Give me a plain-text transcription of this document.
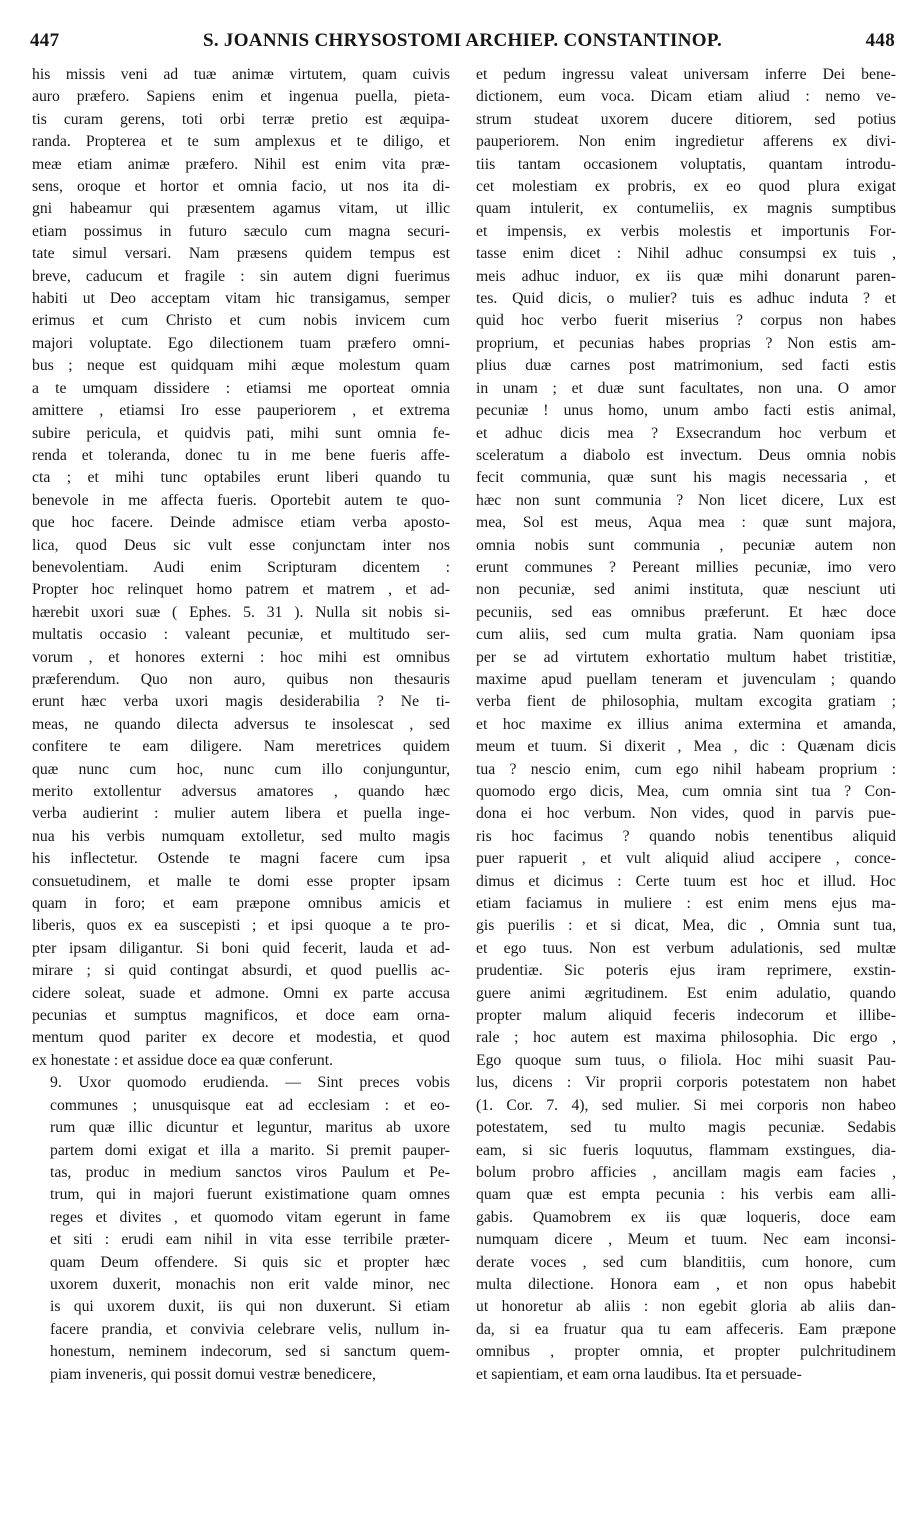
447	S. JOANNIS CHRYSOSTOMI ARCHIEP. CONSTANTINOP.	448

his missis veni ad tuæ animæ virtutem, quam cuivis
auro præfero. Sapiens enim et ingenua puella, pieta-
tis curam gerens, toti orbi terræ pretio est æquipa-
randa. Propterea et te sum amplexus et te diligo, et
meæ etiam animæ præfero. Nihil est enim vita præ-
sens, oroque et hortor et omnia facio, ut nos ita di-
gni habeamur qui præsentem agamus vitam, ut illic
etiam possimus in futuro sæculo cum magna securi-
tate simul versari. Nam præsens quidem tempus est
breve, caducum et fragile : sin autem digni fuerimus
habiti ut Deo acceptam vitam hic transigamus, semper
erimus et cum Christo et cum nobis invicem cum
majori voluptate. Ego dilectionem tuam præfero omni-
bus ; neque est quidquam mihi æque molestum quam
a te umquam dissidere : etiamsi me oporteat omnia
amittere , etiamsi Iro esse pauperiorem , et extrema
subire pericula, et quidvis pati, mihi sunt omnia fe-
renda et toleranda, donec tu in me bene fueris affe-
cta ; et mihi tunc optabiles erunt liberi quando tu
benevole in me affecta fueris. Oportebit autem te quo-
que hoc facere. Deinde admisce etiam verba aposto-
lica, quod Deus sic vult esse conjunctam inter nos
benevolentiam. Audi enim Scripturam dicentem :
Propter hoc relinquet homo patrem et matrem , et ad-
hærebit uxori suæ ( Ephes. 5. 31 ). Nulla sit nobis si-
multatis occasio : valeant pecuniæ, et multitudo ser-
vorum , et honores externi : hoc mihi est omnibus
præferendum. Quo non auro, quibus non thesauris
erunt hæc verba uxori magis desiderabilia ? Ne ti-
meas, ne quando dilecta adversus te insolescat , sed
confitere te eam diligere. Nam meretrices quidem
quæ nunc cum hoc, nunc cum illo conjunguntur,
merito extollentur adversus amatores , quando hæc
verba audierint : mulier autem libera et puella inge-
nua his verbis numquam extolletur, sed multo magis
his inflectetur. Ostende te magni facere cum ipsa
consuetudinem, et malle te domi esse propter ipsam
quam in foro; et eam præpone omnibus amicis et
liberis, quos ex ea suscepisti ; et ipsi quoque a te pro-
pter ipsam diligantur. Si boni quid fecerit, lauda et ad-
mirare ; si quid contingat absurdi, et quod puellis ac-
cidere soleat, suade et admone. Omni ex parte accusa
pecunias et sumptus magnificos, et doce eam orna-
mentum quod pariter ex decore et modestia, et quod
ex honestate : et assidue doce ea quæ conferunt.

9. Uxor quomodo erudienda. — Sint preces vobis
communes ; unusquisque eat ad ecclesiam : et eo-
rum quæ illic dicuntur et leguntur, maritus ab uxore
partem domi exigat et illa a marito. Si premit pauper-
tas, produc in medium sanctos viros Paulum et Pe-
trum, qui in majori fuerunt existimatione quam omnes
reges et divites , et quomodo vitam egerunt in fame
et siti : erudi eam nihil in vita esse terribile præter-
quam Deum offendere. Si quis sic et propter hæc
uxorem duxerit, monachis non erit valde minor, nec
is qui uxorem duxit, iis qui non duxerunt. Si etiam
facere prandia, et convivia celebrare velis, nullum in-
honestum, neminem indecorum, sed si sanctum quem-
piam inveneris, qui possit domui vestræ benedicere,

et pedum ingressu valeat universam inferre Dei bene-
dictionem, eum voca. Dicam etiam aliud : nemo ve-
strum studeat uxorem ducere ditiorem, sed potius
pauperiorem. Non enim ingredietur afferens ex divi-
tiis tantam occasionem voluptatis, quantam introdu-
cet molestiam ex probris, ex eo quod plura exigat
quam intulerit, ex contumeliis, ex magnis sumptibus
et impensis, ex verbis molestis et importunis For-
tasse enim dicet : Nihil adhuc consumpsi ex tuis ,
meis adhuc induor, ex iis quæ mihi donarunt paren-
tes. Quid dicis, o mulier? tuis es adhuc induta ? et
quid hoc verbo fuerit miserius ? corpus non habes
proprium, et pecunias habes proprias ? Non estis am-
plius duæ carnes post matrimonium, sed facti estis
in unam ; et duæ sunt facultates, non una. O amor
pecuniæ ! unus homo, unum ambo facti estis animal,
et adhuc dicis mea ? Exsecrandum hoc verbum et
sceleratum a diabolo est invectum. Deus omnia nobis
fecit communia, quæ sunt his magis necessaria , et
hæc non sunt communia ? Non licet dicere, Lux est
mea, Sol est meus, Aqua mea : quæ sunt majora,
omnia nobis sunt communia , pecuniæ autem non
erunt communes ? Pereant millies pecuniæ, imo vero
non pecuniæ, sed animi instituta, quæ nesciunt uti
pecuniis, sed eas omnibus præferunt. Et hæc doce
cum aliis, sed cum multa gratia. Nam quoniam ipsa
per se ad virtutem exhortatio multum habet tristitiæ,
maxime apud puellam teneram et juvenculam ; quando
verba fient de philosophia, multam excogita gratiam ;
et hoc maxime ex illius anima extermina et amanda,
meum et tuum. Si dixerit , Mea , dic : Quænam dicis
tua ? nescio enim, cum ego nihil habeam proprium :
quomodo ergo dicis, Mea, cum omnia sint tua ? Con-
dona ei hoc verbum. Non vides, quod in parvis pue-
ris hoc facimus ? quando nobis tenentibus aliquid
puer rapuerit , et vult aliquid aliud accipere , conce-
dimus et dicimus : Certe tuum est hoc et illud. Hoc
etiam faciamus in muliere : est enim mens ejus ma-
gis puerilis : et si dicat, Mea, dic , Omnia sunt tua,
et ego tuus. Non est verbum adulationis, sed multæ
prudentiæ. Sic poteris ejus iram reprimere, exstin-
guere animi ægritudinem. Est enim adulatio, quando
propter malum aliquid feceris indecorum et illibe-
rale ; hoc autem est maxima philosophia. Dic ergo ,
Ego quoque sum tuus, o filiola. Hoc mihi suasit Pau-
lus, dicens : Vir proprii corporis potestatem non habet
(1. Cor. 7. 4), sed mulier. Si mei corporis non habeo
potestatem, sed tu multo magis pecuniæ. Sedabis
eam, si sic fueris loquutus, flammam exstingues, dia-
bolum probro afficies , ancillam magis eam facies ,
quam quæ est empta pecunia : his verbis eam alli-
gabis. Quamobrem ex iis quæ loqueris, doce eam
numquam dicere , Meum et tuum. Nec eam inconsi-
derate voces , sed cum blanditiis, cum honore, cum
multa dilectione. Honora eam , et non opus habebit
ut honoretur ab aliis : non egebit gloria ab aliis dan-
da, si ea fruatur qua tu eam affeceris. Eam præpone
omnibus , propter omnia, et propter pulchritudinem
et sapientiam, et eam orna laudibus. Ita et persuade-
